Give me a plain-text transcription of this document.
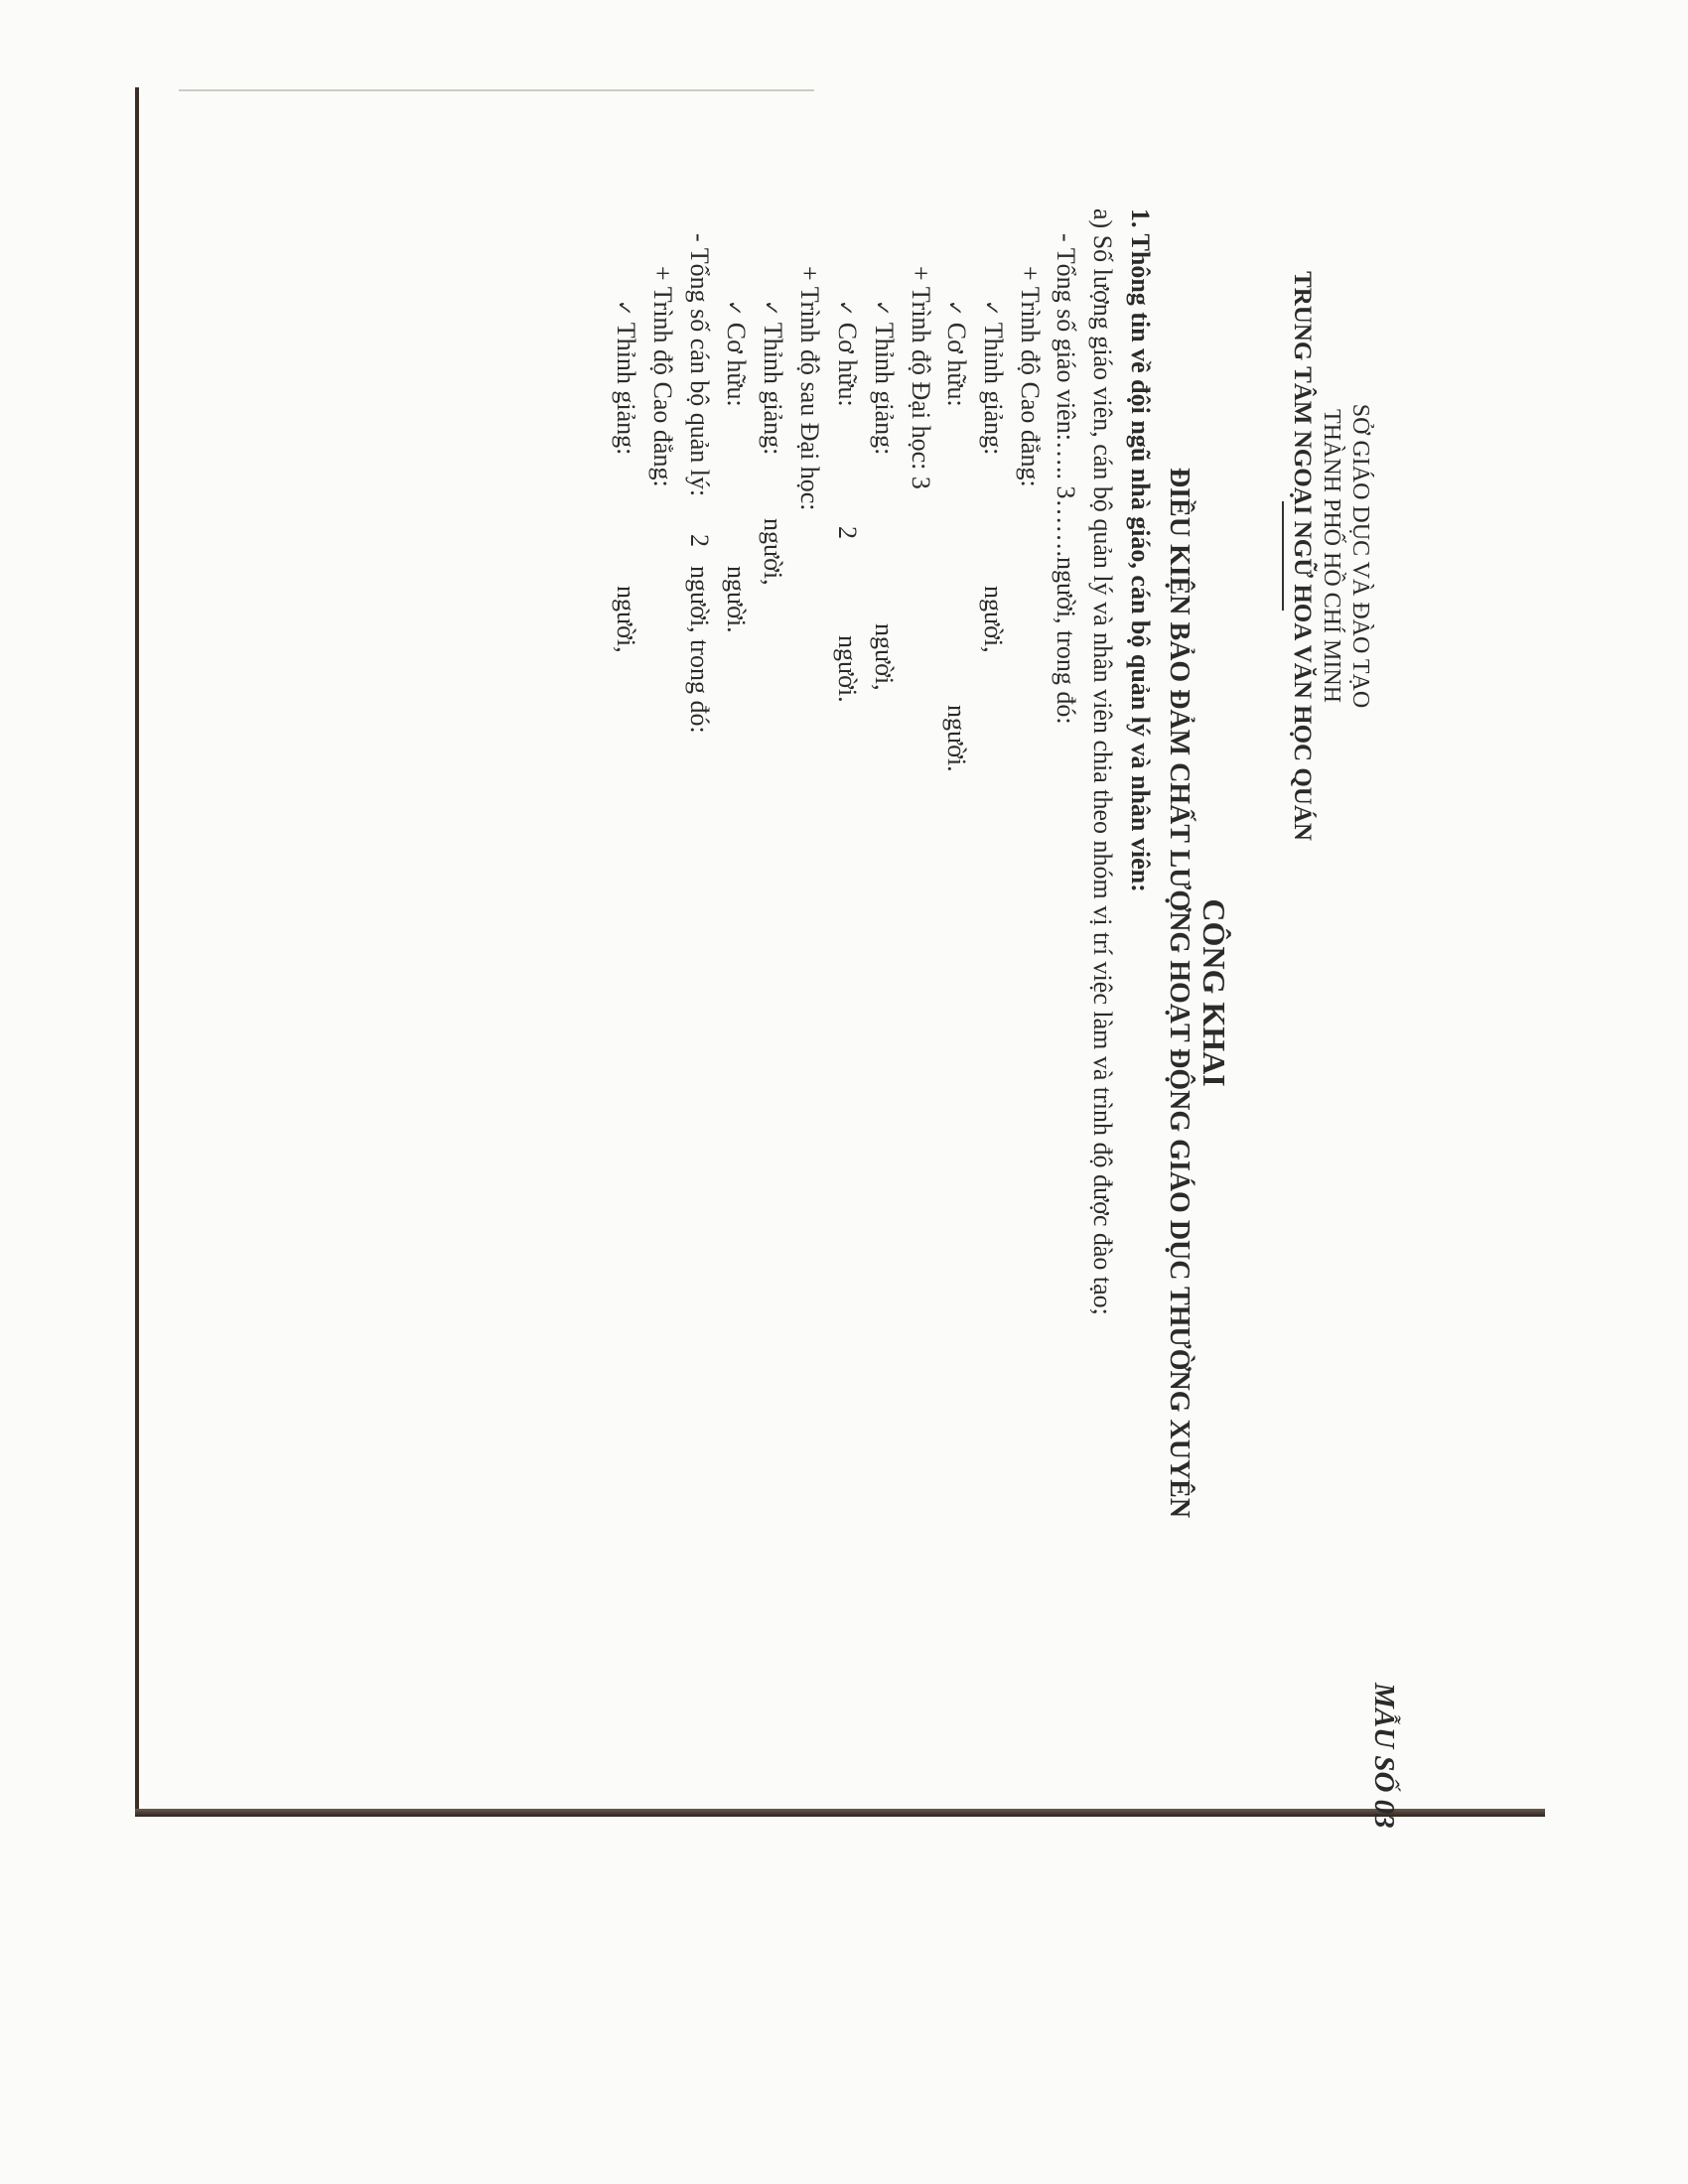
MẪU SỐ 03
SỞ GIÁO DỤC VÀ ĐÀO TẠO
THÀNH PHỐ HỒ CHÍ MINH
TRUNG TÂM NGOẠI NGỮ HOA VĂN HỌC QUÁN
CÔNG KHAI
ĐIỀU KIỆN BẢO ĐẢM CHẤT LƯỢNG HOẠT ĐỘNG GIÁO DỤC THƯỜNG XUYÊN
1. Thông tin về đội ngũ nhà giáo, cán bộ quản lý và nhân viên:
a) Số lượng giáo viên, cán bộ quản lý và nhân viên chia theo nhóm vị trí việc làm và trình độ được đào tạo;
- Tổng số giáo viên:….. 3…….người, trong đó:
+ Trình độ Cao đẳng:
✓Thỉnh giảng:
người,
✓Cơ hữu:
người.
+ Trình độ Đại học: 3
✓Thỉnh giảng:
người,
✓Cơ hữu:
2
người.
+ Trình độ sau Đại học:
✓Thỉnh giảng:
người,
✓Cơ hữu:
người.
- Tổng số cán bộ quản lý:
2
người, trong đó:
+ Trình độ Cao đẳng:
✓Thỉnh giảng:
người,
